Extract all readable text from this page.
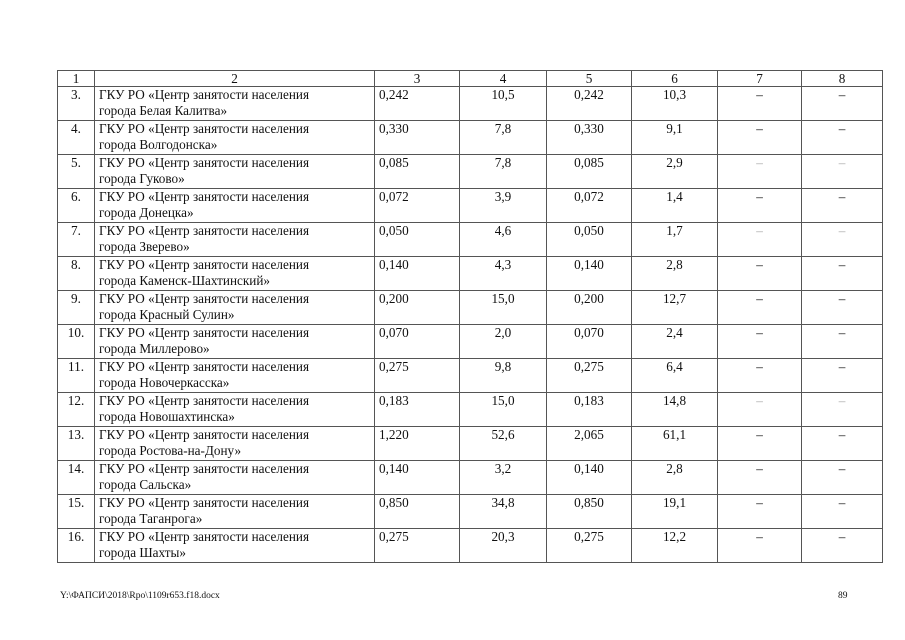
1	2	3	4	5	6	7	8
3.	ГКУ РО «Центр занятости населения
города Белая Калитва»	0,242	10,5	0,242	10,3	–	–
4.	ГКУ РО «Центр занятости населения
города Волгодонска»	0,330	7,8	0,330	9,1	–	–
5.	ГКУ РО «Центр занятости населения
города Гуково»	0,085	7,8	0,085	2,9	–	–
6.	ГКУ РО «Центр занятости населения
города Донецка»	0,072	3,9	0,072	1,4	–	–
7.	ГКУ РО «Центр занятости населения
города Зверево»	0,050	4,6	0,050	1,7	–	–
8.	ГКУ РО «Центр занятости населения
города Каменск-Шахтинский»	0,140	4,3	0,140	2,8	–	–
9.	ГКУ РО «Центр занятости населения
города Красный Сулин»	0,200	15,0	0,200	12,7	–	–
10.	ГКУ РО «Центр занятости населения
города Миллерово»	0,070	2,0	0,070	2,4	–	–
11.	ГКУ РО «Центр занятости населения
города Новочеркасска»	0,275	9,8	0,275	6,4	–	–
12.	ГКУ РО «Центр занятости населения
города Новошахтинска»	0,183	15,0	0,183	14,8	–	–
13.	ГКУ РО «Центр занятости населения
города Ростова-на-Дону»	1,220	52,6	2,065	61,1	–	–
14.	ГКУ РО «Центр занятости населения
города Сальска»	0,140	3,2	0,140	2,8	–	–
15.	ГКУ РО «Центр занятости населения
города Таганрога»	0,850	34,8	0,850	19,1	–	–
16.	ГКУ РО «Центр занятости населения
города Шахты»	0,275	20,3	0,275	12,2	–	–
Y:\ФАПСИ\2018\Rpo\1109r653.f18.docx	89
